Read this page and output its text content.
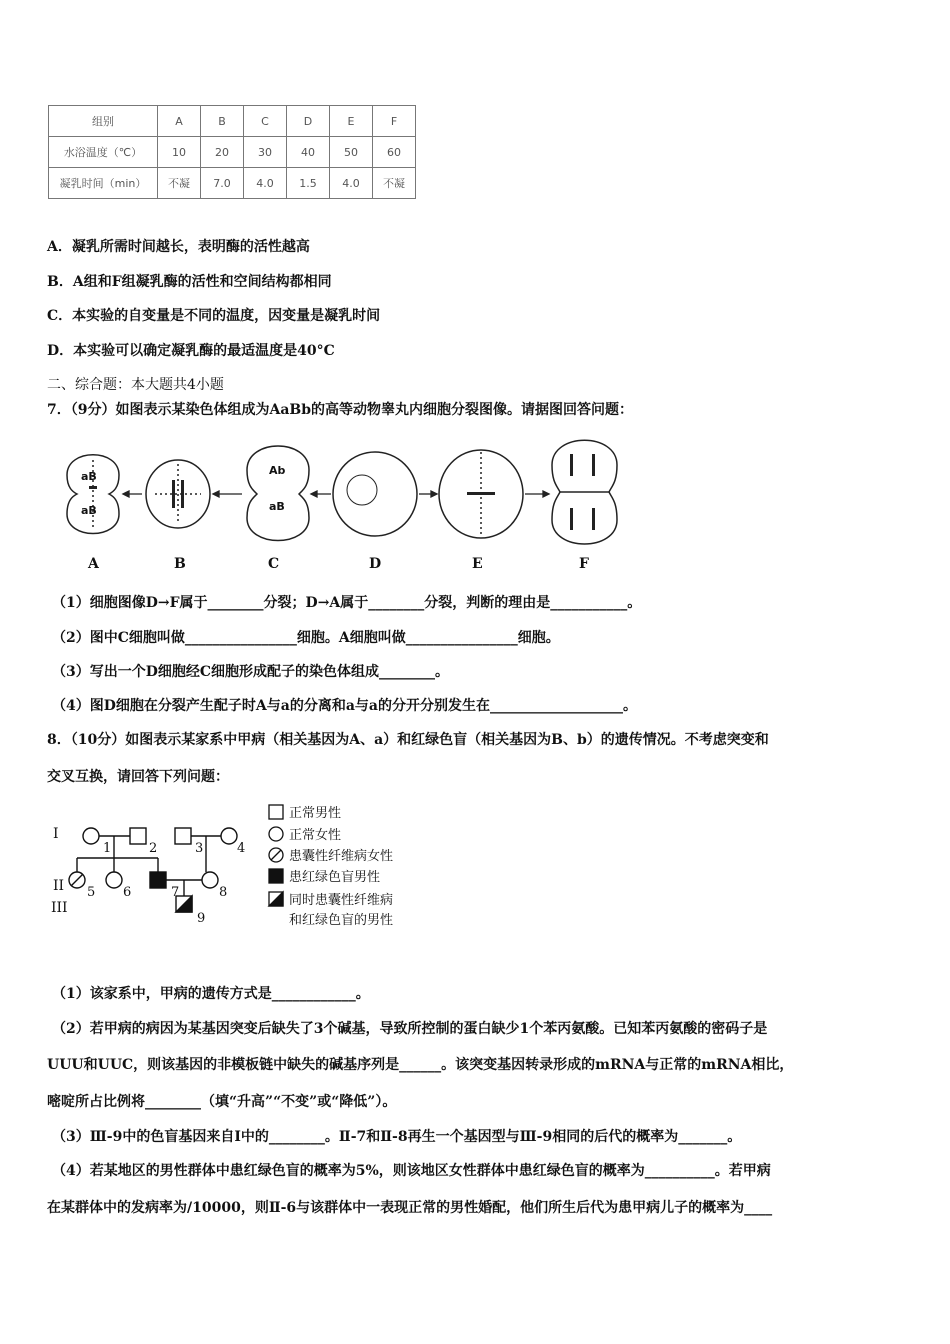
组别	A	B	C	D	E	F
水浴温度（℃）	10	20	30	40	50	60
凝乳时间（min）	不凝	7.0	4.0	1.5	4.0	不凝
A．凝乳所需时间越长，表明酶的活性越高
B．A组和F组凝乳酶的活性和空间结构都相同
C．本实验的自变量是不同的温度，因变量是凝乳时间
D．本实验可以确定凝乳酶的最适温度是40°C
二、综合题：本大题共4小题
7．（9分）如图表示某染色体组成为AaBb的高等动物睾丸内细胞分裂图像。请据图回答问题：
aB
aB
Ab
aB
A	B	C	D	E	F
（1）细胞图像D→F属于________分裂；D→A属于________分裂，判断的理由是___________。
（2）图中C细胞叫做________________细胞。A细胞叫做________________细胞。
（3）写出一个D细胞经C细胞形成配子的染色体组成________。
（4）图D细胞在分裂产生配子时A与a的分离和a与a的分开分别发生在___________________。
8．（10分）如图表示某家系中甲病（相关基因为A、a）和红绿色盲（相关基因为B、b）的遗传情况。不考虑突变和
交叉互换，请回答下列问题：
I
II
III
1	2	3	4
5 6	7	8
9
正常男性
正常女性
患囊性纤维病女性
患红绿色盲男性
同时患囊性纤维病
和红绿色盲的男性
（1）该家系中，甲病的遗传方式是____________。
（2）若甲病的病因为某基因突变后缺失了3个碱基，导致所控制的蛋白缺少1个苯丙氨酸。已知苯丙氨酸的密码子是
UUU和UUC，则该基因的非模板链中缺失的碱基序列是______。该突变基因转录形成的mRNA与正常的mRNA相比，
嘧啶所占比例将________（填“升高”“不变”或“降低”）。
（3）Ⅲ-9中的色盲基因来自Ⅰ中的________。Ⅱ-7和Ⅱ-8再生一个基因型与Ⅲ-9相同的后代的概率为_______。
（4）若某地区的男性群体中患红绿色盲的概率为5%，则该地区女性群体中患红绿色盲的概率为__________。若甲病
在某群体中的发病率为/10000，则Ⅱ-6与该群体中一表现正常的男性婚配，他们所生后代为患甲病儿子的概率为____
